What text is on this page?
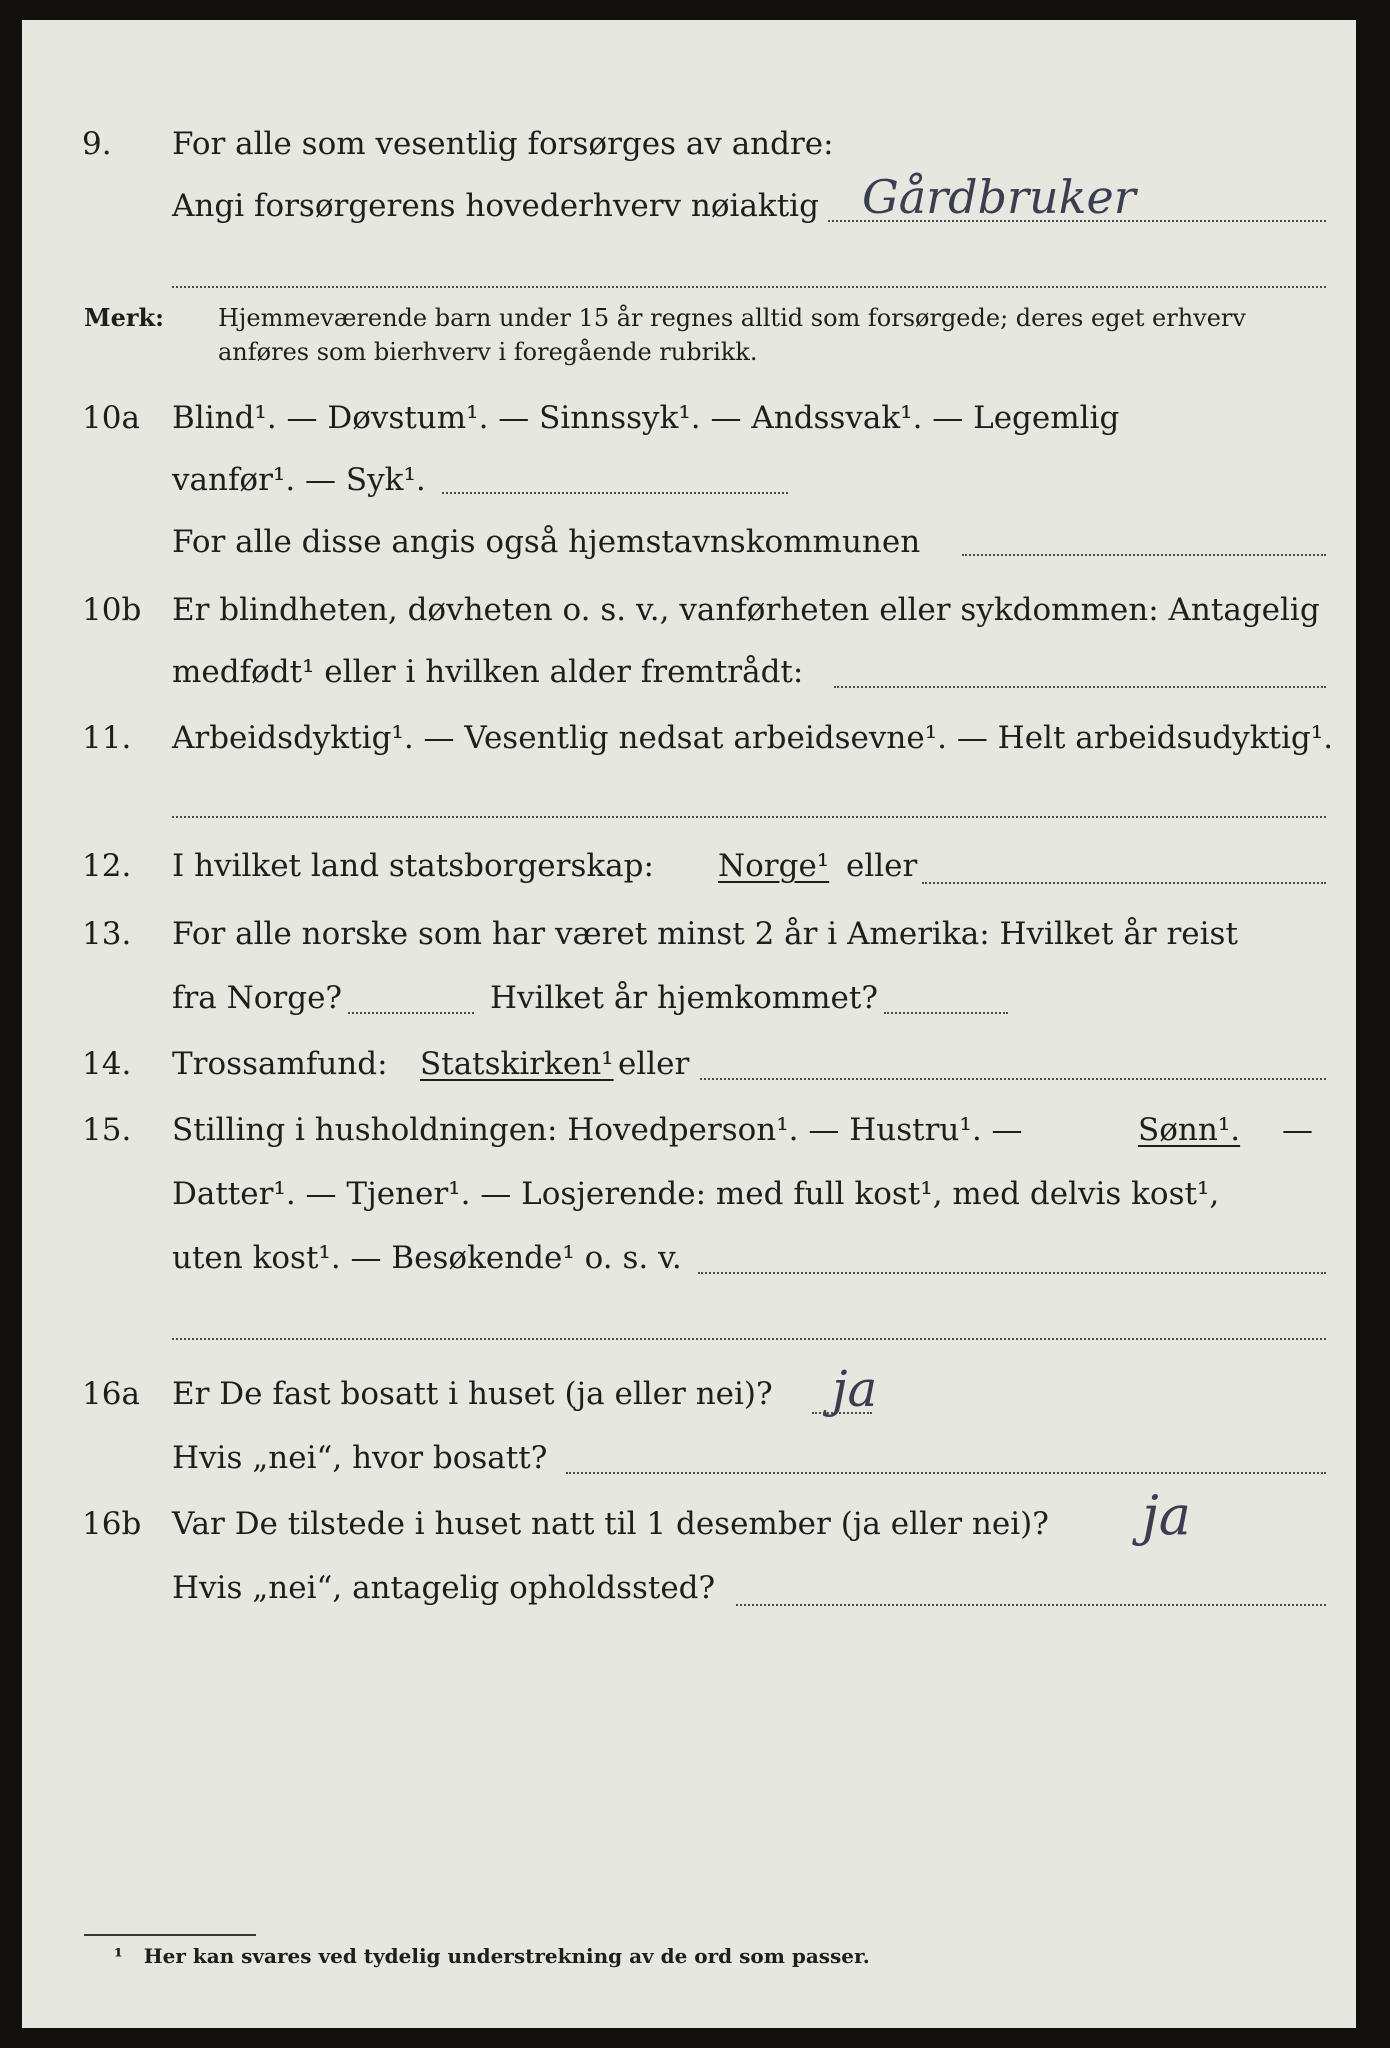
9.	For alle som vesentlig forsørges av andre:
Angi forsørgerens hovederhverv nøiaktig Gårdbruker
Merk: Hjemmeværende barn under 15 år regnes alltid som forsørgede; deres eget erhverv
anføres som bierhverv i foregående rubrikk.
10a	Blind¹. — Døvstum¹. — Sinnssyk¹. — Andssvak¹. — Legemlig
vanfør¹. — Syk¹.
For alle disse angis også hjemstavnskommunen
10b Er blindheten, døvheten o. s. v., vanførheten eller sykdommen: Antagelig
medfødt¹ eller i hvilken alder fremtrådt:
11.	Arbeidsdyktig¹. — Vesentlig nedsat arbeidsevne¹. — Helt arbeidsudyktig¹.
12.	I hvilket land statsborgerskap: Norge¹ eller
13.	For alle norske som har været minst 2 år i Amerika: Hvilket år reist
fra Norge?	Hvilket år hjemkommet?
14.	Trossamfund: Statskirken¹ eller
15.	Stilling i husholdningen: Hovedperson¹. — Hustru¹. —	Sønn¹. —
Datter¹. — Tjener¹. — Losjerende: med full kost¹, med delvis kost¹,
uten kost¹. — Besøkende¹ o. s. v.
16a	Er De fast bosatt i huset (ja eller nei)? ja
Hvis „nei“, hvor bosatt?
16b Var De tilstede i huset natt til 1 desember (ja eller nei)? ja
Hvis „nei“, antagelig opholdssted?
¹ Her kan svares ved tydelig understrekning av de ord som passer.
